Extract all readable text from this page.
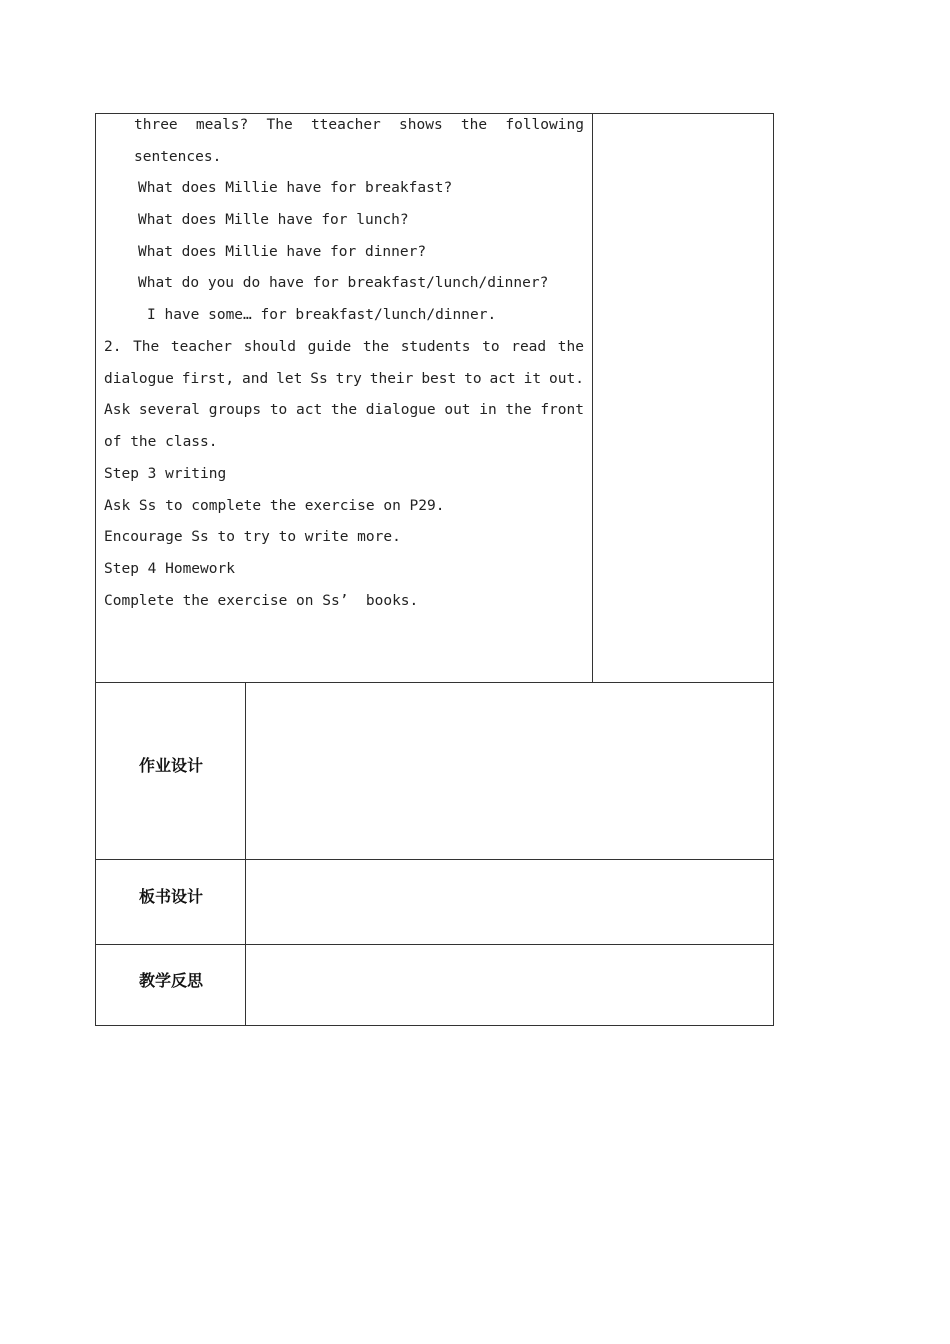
three meals? The tteacher shows the following
sentences.
What does Millie have for breakfast?
What does Mille have for lunch?
What does Millie have for dinner?
What do you do have for breakfast/lunch/dinner?
I have some… for breakfast/lunch/dinner.
2. The teacher should guide the students to read the
dialogue first, and let Ss try their best to act it out.
Ask several groups to act the dialogue out in the front
of the class.
Step 3 writing
Ask Ss to complete the exercise on P29.
Encourage Ss to try to write more.
Step 4 Homework
Complete the exercise on Ss’  books.
作业设计
板书设计
教学反思
